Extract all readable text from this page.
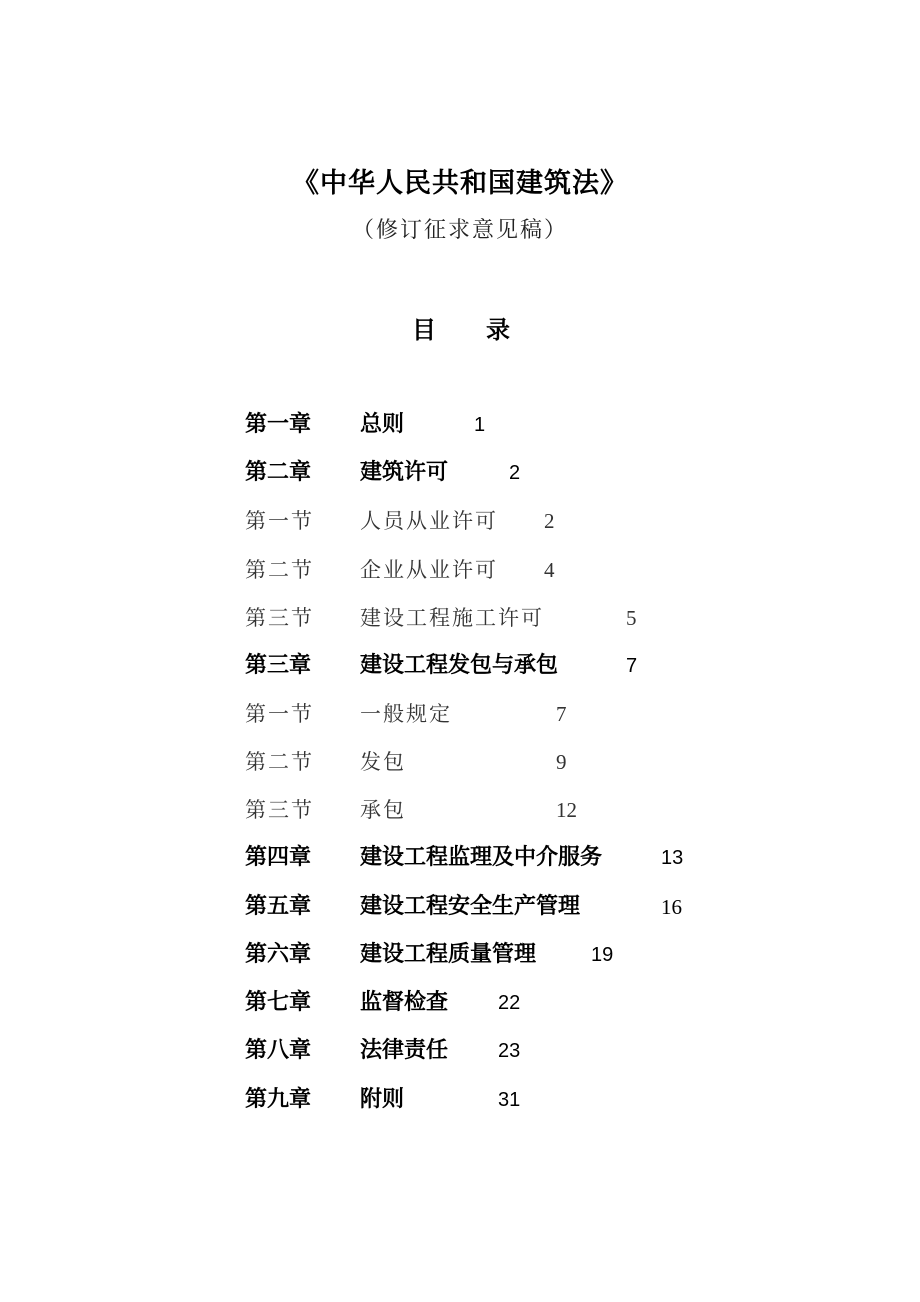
《中华人民共和国建筑法》
（修订征求意见稿）
目 录
第一章 总则	1
第二章 建筑许可	2
第一节 人员从业许可 2
第二节 企业从业许可 4
第三节 建设工程施工许可	5
第三章 建设工程发包与承包	7
第一节 一般规定	7
第二节 发包	9
第三节 承包	12
第四章 建设工程监理及中介服务	13
第五章 建设工程安全生产管理	16
第六章 建设工程质量管理	19
第七章 监督检查 22
第八章 法律责任 23
第九章 附则	31
